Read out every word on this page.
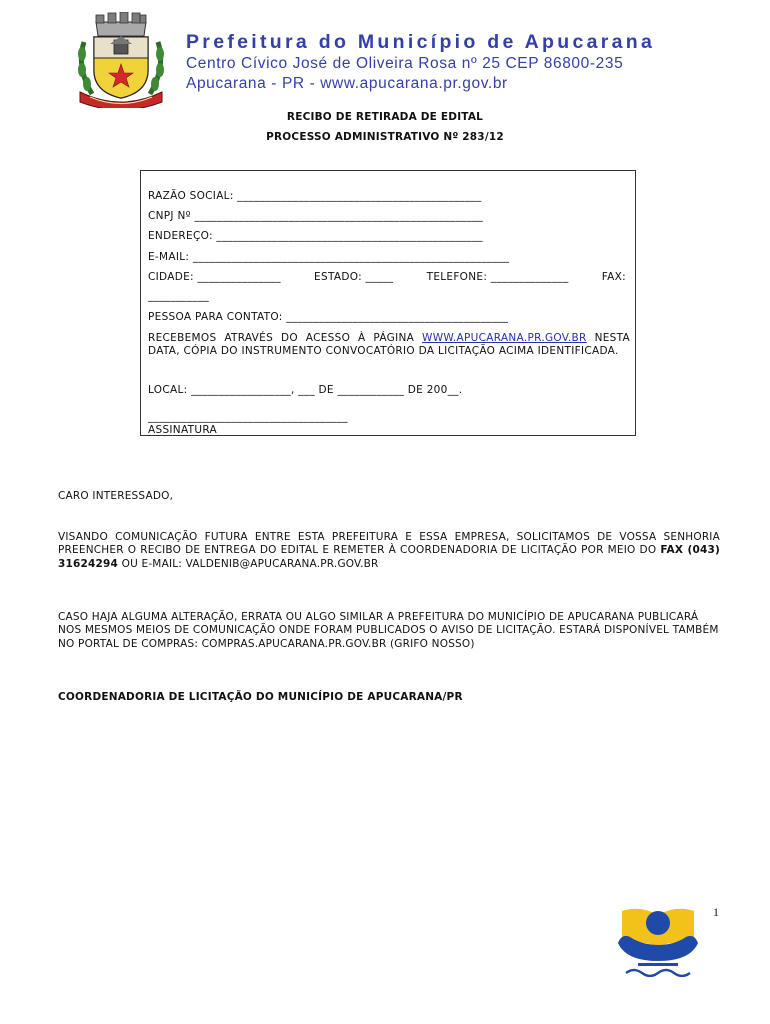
Prefeitura do Município de Apucarana
Centro Cívico José de Oliveira Rosa nº 25 CEP 86800-235
Apucarana - PR - www.apucarana.pr.gov.br
RECIBO DE RETIRADA DE EDITAL
PROCESSO ADMINISTRATIVO Nº 283/12
RAZÃO SOCIAL: ____________________________________________
CNPJ Nº ____________________________________________________
ENDEREÇO: ________________________________________________
E-MAIL: _________________________________________________________
CIDADE: _______________	ESTADO: _____	TELEFONE: ______________	FAX:
___________
PESSOA PARA CONTATO: ________________________________________
RECEBEMOS ATRAVÉS DO ACESSO À PÁGINA WWW.APUCARANA.PR.GOV.BR NESTA DATA, CÓPIA DO INSTRUMENTO CONVOCATÓRIO DA LICITAÇÃO ACIMA IDENTIFICADA.
LOCAL: __________________, ___ DE ____________ DE 200__.
____________________________________
ASSINATURA
CARO INTERESSADO,
VISANDO COMUNICAÇÃO FUTURA ENTRE ESTA PREFEITURA E ESSA EMPRESA, SOLICITAMOS DE VOSSA SENHORIA PREENCHER O RECIBO DE ENTREGA DO EDITAL E REMETER À COORDENADORIA DE LICITAÇÃO POR MEIO DO FAX (043) 31624294 OU E-MAIL: VALDENIB@APUCARANA.PR.GOV.BR
CASO HAJA ALGUMA ALTERAÇÃO, ERRATA OU ALGO SIMILAR A PREFEITURA DO MUNICÍPIO DE APUCARANA PUBLICARÁ NOS MESMOS MEIOS DE COMUNICAÇÃO ONDE FORAM PUBLICADOS O AVISO DE LICITAÇÃO. ESTARÁ DISPONÍVEL TAMBÉM NO PORTAL DE COMPRAS: COMPRAS.APUCARANA.PR.GOV.BR (GRIFO NOSSO)
COORDENADORIA DE LICITAÇÃO DO MUNICÍPIO DE APUCARANA/PR
1
